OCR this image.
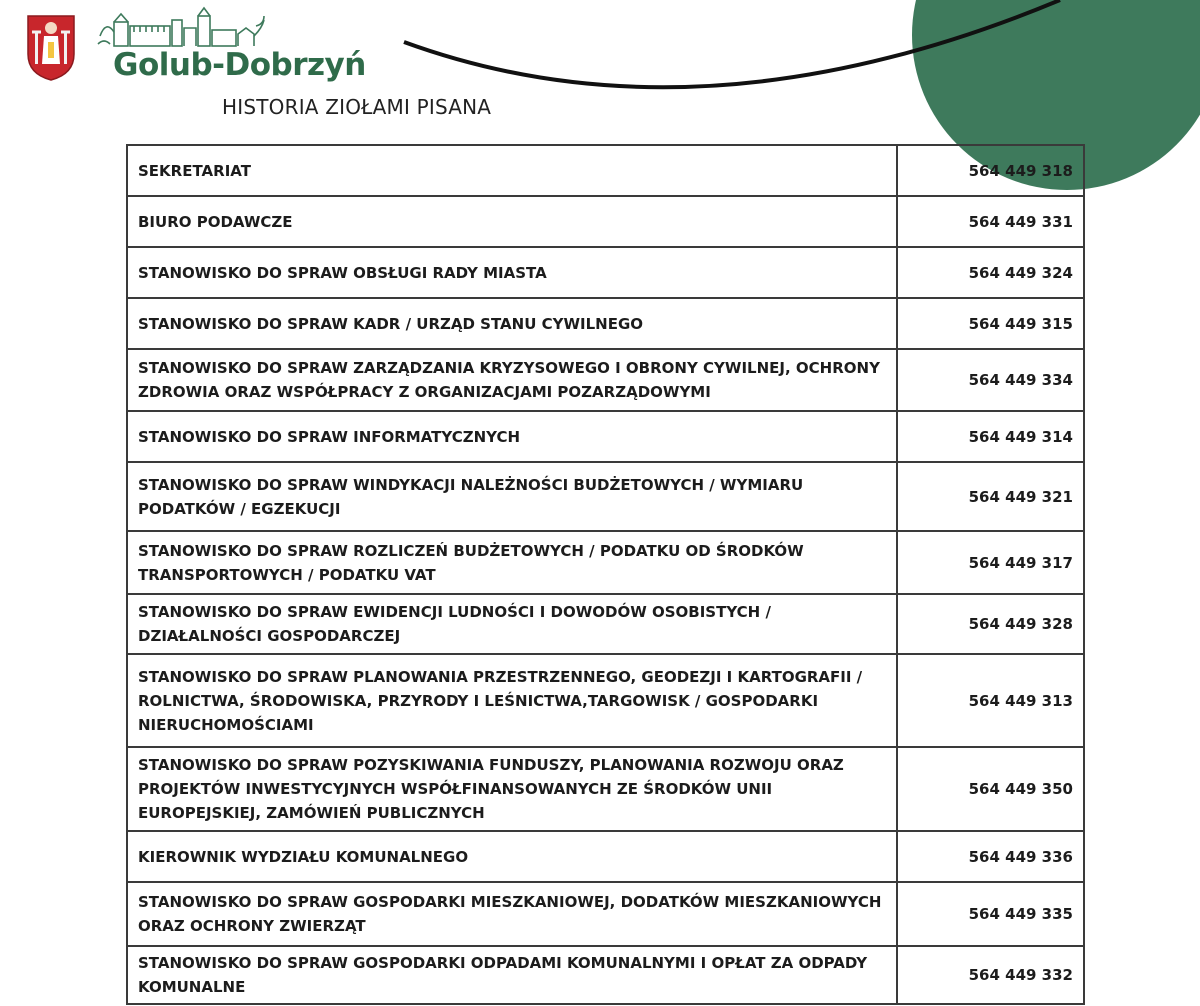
Golub-Dobrzyń
HISTORIA ZIOŁAMI PISANA
SEKRETARIAT	564 449 318
BIURO PODAWCZE	564 449 331
STANOWISKO DO SPRAW OBSŁUGI RADY MIASTA	564 449 324
STANOWISKO DO SPRAW KADR / URZĄD STANU CYWILNEGO	564 449 315
STANOWISKO DO SPRAW ZARZĄDZANIA KRYZYSOWEGO I OBRONY CYWILNEJ, OCHRONY ZDROWIA ORAZ WSPÓŁPRACY Z ORGANIZACJAMI POZARZĄDOWYMI	564 449 334
STANOWISKO DO SPRAW INFORMATYCZNYCH	564 449 314
STANOWISKO DO SPRAW WINDYKACJI NALEŻNOŚCI BUDŻETOWYCH / WYMIARU PODATKÓW / EGZEKUCJI	564 449 321
STANOWISKO DO SPRAW ROZLICZEŃ BUDŻETOWYCH / PODATKU OD ŚRODKÓW TRANSPORTOWYCH / PODATKU VAT	564 449 317
STANOWISKO DO SPRAW EWIDENCJI LUDNOŚCI I DOWODÓW OSOBISTYCH / DZIAŁALNOŚCI GOSPODARCZEJ	564 449 328
STANOWISKO DO SPRAW PLANOWANIA PRZESTRZENNEGO, GEODEZJI I KARTOGRAFII / ROLNICTWA, ŚRODOWISKA, PRZYRODY I LEŚNICTWA,TARGOWISK / GOSPODARKI NIERUCHOMOŚCIAMI	564 449 313
STANOWISKO DO SPRAW POZYSKIWANIA FUNDUSZY, PLANOWANIA ROZWOJU ORAZ PROJEKTÓW INWESTYCYJNYCH WSPÓŁFINANSOWANYCH ZE ŚRODKÓW UNII EUROPEJSKIEJ, ZAMÓWIEŃ PUBLICZNYCH	564 449 350
KIEROWNIK WYDZIAŁU KOMUNALNEGO	564 449 336
STANOWISKO DO SPRAW GOSPODARKI MIESZKANIOWEJ, DODATKÓW MIESZKANIOWYCH ORAZ OCHRONY ZWIERZĄT	564 449 335
STANOWISKO DO SPRAW GOSPODARKI ODPADAMI KOMUNALNYMI I OPŁAT ZA ODPADY KOMUNALNE	564 449 332
